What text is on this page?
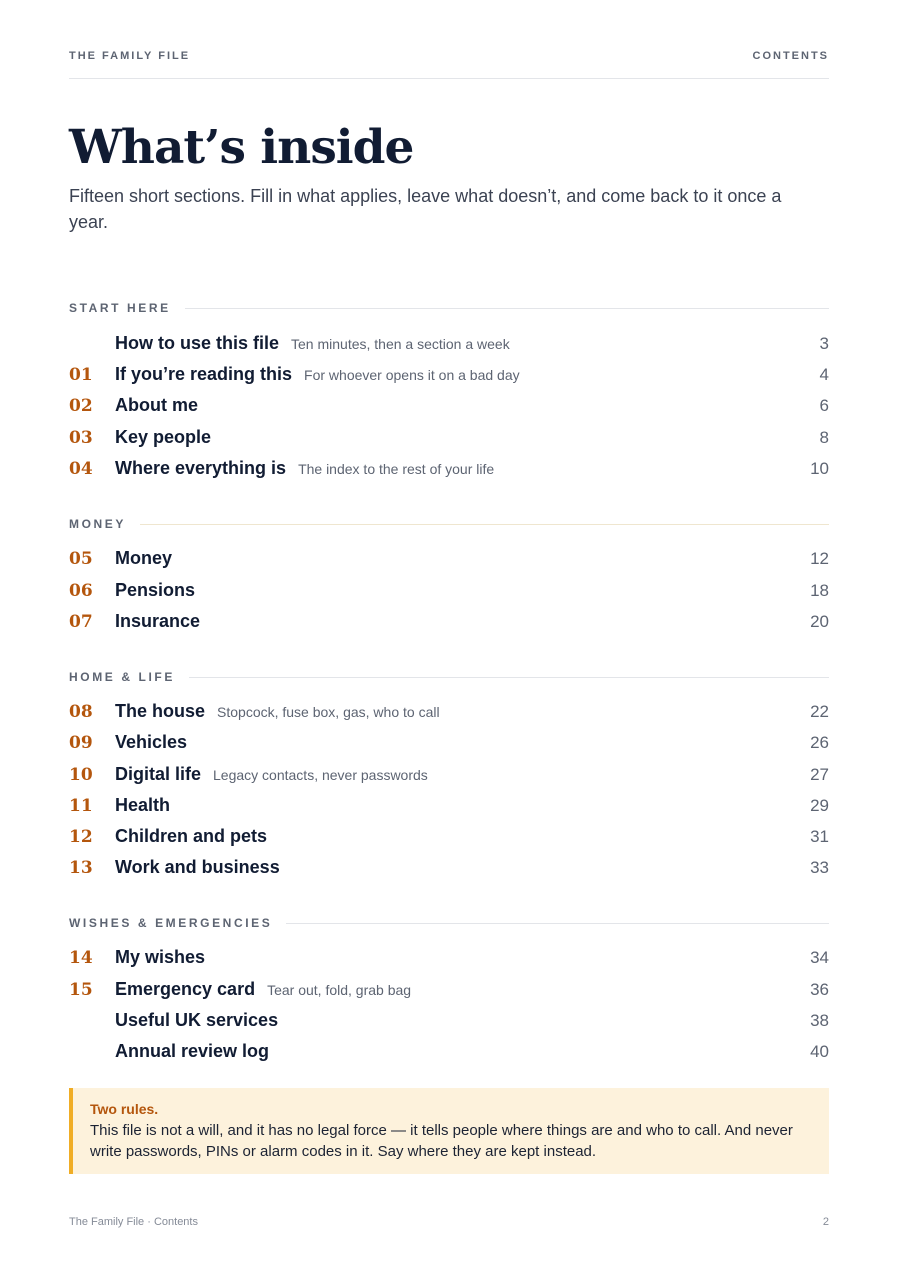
THE FAMILY FILE	CONTENTS
What’s inside

Fifteen short sections. Fill in what applies, leave what doesn’t, and come back to it once a year.

START HERE
How to use this file Ten minutes, then a section a week	3
01	If you’re reading this For whoever opens it on a bad day	4
02	About me	6
03	Key people	8
04	Where everything is The index to the rest of your life	10
MONEY
05	Money	12
06	Pensions	18
07	Insurance	20
HOME & LIFE
08	The house Stopcock, fuse box, gas, who to call	22
09	Vehicles	26
10	Digital life Legacy contacts, never passwords	27
11	Health	29
12	Children and pets	31
13	Work and business	33
WISHES & EMERGENCIES
14	My wishes	34
15	Emergency card Tear out, fold, grab bag	36
Useful UK services	38
Annual review log	40
Two rules.
This file is not a will, and it has no legal force — it tells people where things are and who to call. And never write passwords, PINs or alarm codes in it. Say where they are kept instead.
The Family File · Contents	2
